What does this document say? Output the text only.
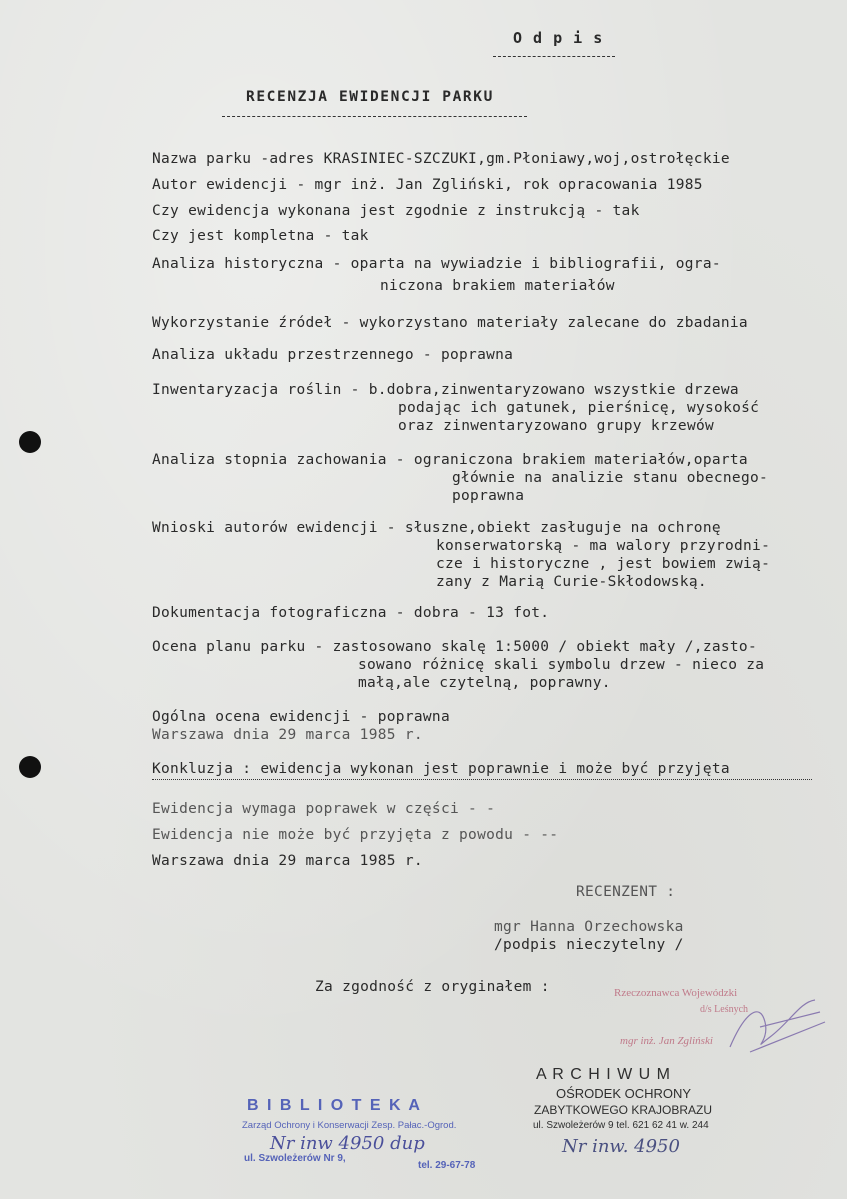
O d p i s
RECENZJA EWIDENCJI PARKU
Nazwa parku -adres KRASINIEC-SZCZUKI,gm.Płoniawy,woj,ostrołęckie
Autor ewidencji - mgr inż. Jan Zgliński, rok opracowania 1985
Czy ewidencja wykonana jest zgodnie z instrukcją - tak
Czy jest kompletna - tak
Analiza historyczna - oparta na wywiadzie i bibliografii, ogra-
niczona brakiem materiałów
Wykorzystanie źródeł - wykorzystano materiały zalecane do zbadania
Analiza układu przestrzennego - poprawna
Inwentaryzacja roślin - b.dobra,zinwentaryzowano wszystkie drzewa
podając ich gatunek, pierśnicę, wysokość
oraz zinwentaryzowano grupy krzewów
Analiza stopnia zachowania - ograniczona brakiem materiałów,oparta
głównie na analizie stanu obecnego-
poprawna
Wnioski autorów ewidencji - słuszne,obiekt zasługuje na ochronę
konserwatorską - ma walory przyrodni-
cze i historyczne , jest bowiem zwią-
zany z Marią Curie-Skłodowską.
Dokumentacja fotograficzna - dobra - 13 fot.
Ocena planu parku - zastosowano skalę 1:5000 / obiekt mały /,zasto-
sowano różnicę skali symbolu drzew - nieco za
małą,ale czytelną, poprawny.
Ogólna ocena ewidencji - poprawna
Warszawa dnia 29 marca 1985 r.
Konkluzja : ewidencja wykonan jest poprawnie i może być przyjęta
Ewidencja wymaga poprawek w części - -
Ewidencja nie może być przyjęta z powodu - --
Warszawa dnia 29 marca 1985 r.
RECENZENT :
mgr Hanna Orzechowska
/podpis nieczytelny /
Za zgodność z oryginałem :	Rzeczoznawca Wojewódzki
d/s Leśnych
mgr inż. Jan Zgliński
A R C H I W U M
OŚRODEK OCHRONY
ZABYTKOWEGO KRAJOBRAZU
ul. Szwoleżerów 9 tel. 621 62 41 w. 244
Nr inw. 4950
B I B L I O T E K A
Zarząd Ochrony i Konserwacji Zesp. Pałac.-Ogrod.
ul. Szwoleżerów Nr 9,
tel. 29-67-78
Nr inw 4950 dup
